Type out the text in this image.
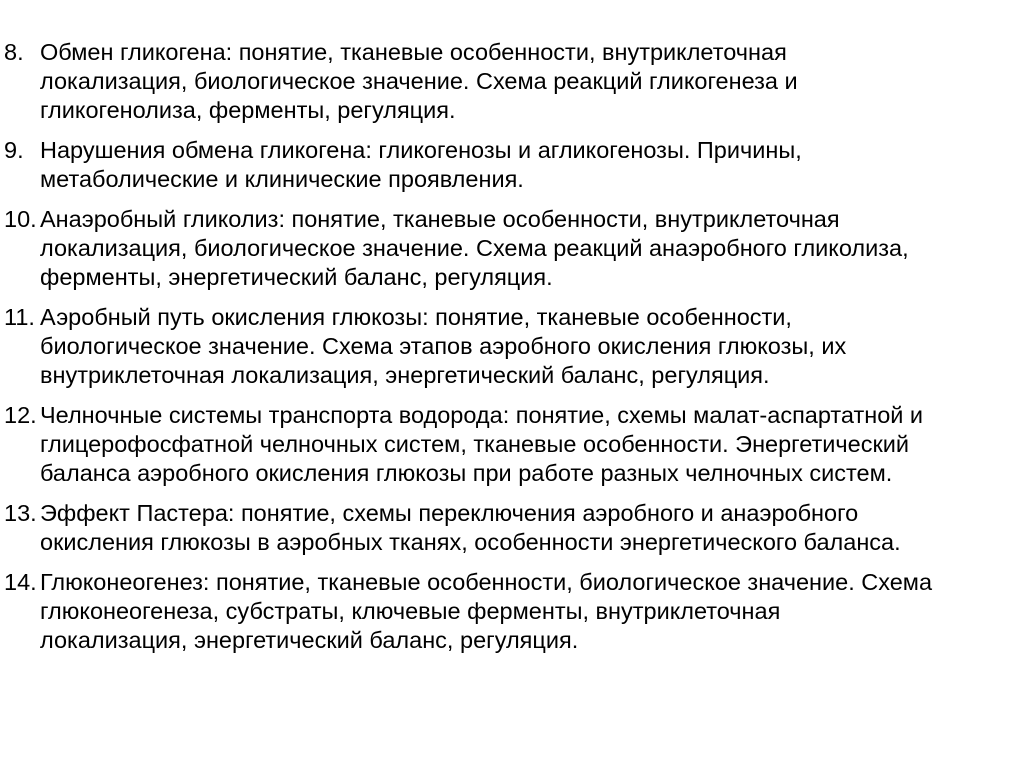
8. Обмен гликогена: понятие, тканевые особенности, внутриклеточная
локализация, биологическое значение. Схема реакций гликогенеза и
гликогенолиза, ферменты, регуляция.
9. Нарушения обмена гликогена: гликогенозы и агликогенозы. Причины,
метаболические и клинические проявления.
10. Анаэробный гликолиз: понятие, тканевые особенности, внутриклеточная
локализация, биологическое значение. Схема реакций анаэробного гликолиза,
ферменты, энергетический баланс, регуляция.
11. Аэробный путь окисления глюкозы: понятие, тканевые особенности,
биологическое значение. Схема этапов аэробного окисления глюкозы, их
внутриклеточная локализация, энергетический баланс, регуляция.
12. Челночные системы транспорта водорода: понятие, схемы малат-аспартатной и
глицерофосфатной челночных систем, тканевые особенности. Энергетический
баланса аэробного окисления глюкозы при работе разных челночных систем.
13. Эффект Пастера: понятие, схемы переключения аэробного и анаэробного
окисления глюкозы в аэробных тканях, особенности энергетического баланса.
14. Глюконеогенез: понятие, тканевые особенности, биологическое значение. Схема
глюконеогенеза, субстраты, ключевые ферменты, внутриклеточная
локализация, энергетический баланс, регуляция.
